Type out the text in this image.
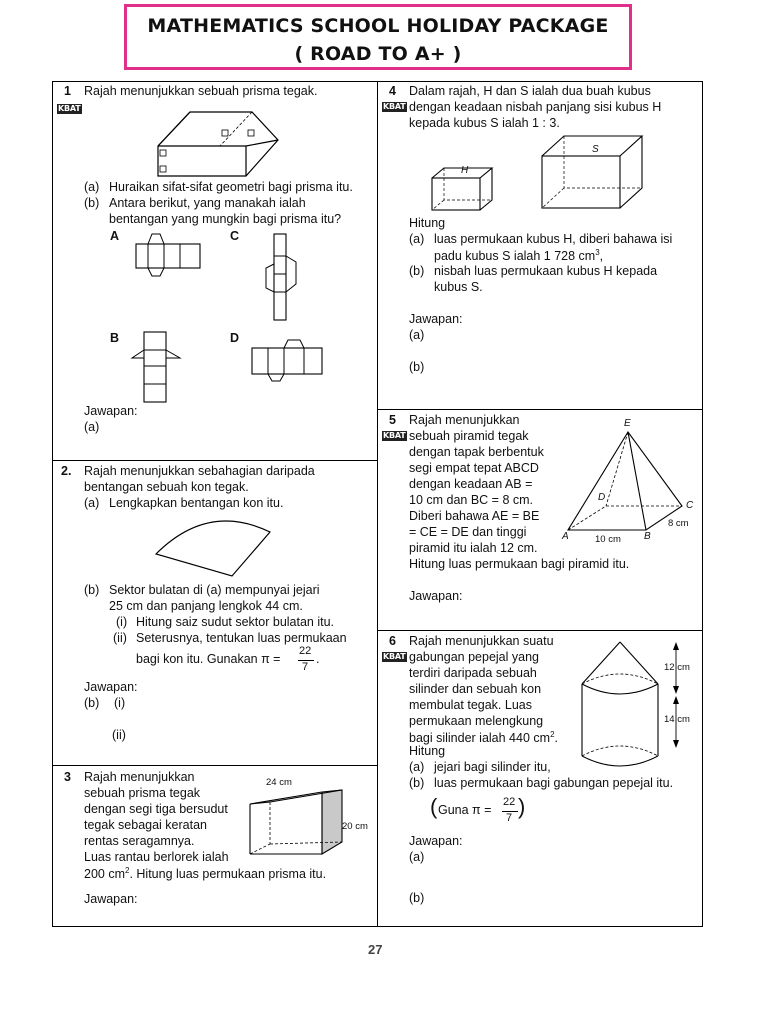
MATHEMATICS SCHOOL HOLIDAY PACKAGE
( ROAD TO A+ )
1
KBAT
Rajah menunjukkan sebuah prisma tegak.
(a) Huraikan sifat-sifat geometri bagi prisma itu.
(b) Antara berikut, yang manakah ialah
bentangan yang mungkin bagi prisma itu?
A
B
C
D
Jawapan:
(a)
2. Rajah menunjukkan sebahagian daripada
bentangan sebuah kon tegak.
(a) Lengkapkan bentangan kon itu.
(b) Sektor bulatan di (a) mempunyai jejari
25 cm dan panjang lengkok 44 cm.
(i) Hitung saiz sudut sektor bulatan itu.
(ii) Seterusnya, tentukan luas permukaan
bagi kon itu. Gunakan π =
22
7
.
Jawapan:
(b) (i)
(ii)
3 Rajah menunjukkan
sebuah prisma tegak
dengan segi tiga bersudut
tegak sebagai keratan
rentas seragamnya.
Luas rantau berlorek ialah
200 $cm^2$. Hitung luas permukaan prisma itu.
24 cm
20 cm
Jawapan:
4
KBAT
Dalam rajah, H dan S ialah dua buah kubus
dengan keadaan nisbah panjang sisi kubus H
kepada kubus S ialah 1 : 3.
H
S
Hitung
(a) luas permukaan kubus H, diberi bahawa isi
padu kubus S ialah 1 728 $cm^3$,
(b) nisbah luas permukaan kubus H kepada
kubus S.
Jawapan:
(a)
(b)
5
KBAT
Rajah menunjukkan
sebuah piramid tegak
dengan tapak berbentuk
segi empat tepat ABCD
dengan keadaan AB =
10 cm dan BC = 8 cm.
Diberi bahawa AE = BE
= CE = DE dan tinggi
piramid itu ialah 12 cm.
Hitung luas permukaan bagi piramid itu.
E
D
C
A	B
10 cm
8 cm
Jawapan:
6
KBAT
Rajah menunjukkan suatu
gabungan pepejal yang
terdiri daripada sebuah
silinder dan sebuah kon
membulat tegak. Luas
permukaan melengkung
bagi silinder ialah 440 $cm^2$.
Hitung
(a) jejari bagi silinder itu,
(b) luas permukaan bagi gabungan pepejal itu.
( Guna π =
22
7 )
12 cm
14 cm
Jawapan:
(a)
(b)
27
